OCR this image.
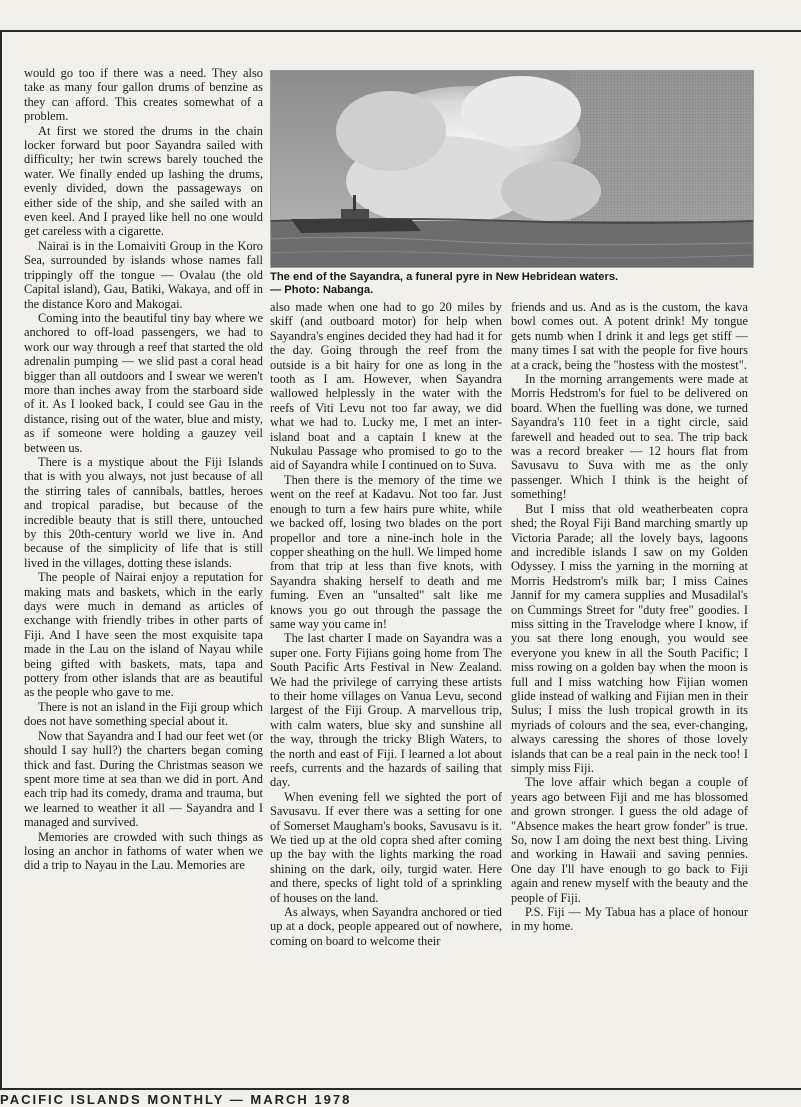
would go too if there was a need. They also take as many four gallon drums of benzine as they can afford. This creates somewhat of a problem.

At first we stored the drums in the chain locker forward but poor Sayandra sailed with difficulty; her twin screws barely touched the water. We finally ended up lashing the drums, evenly divided, down the passageways on either side of the ship, and she sailed with an even keel. And I prayed like hell no one would get careless with a cigarette.

Nairai is in the Lomaiviti Group in the Koro Sea, surrounded by islands whose names fall trippingly off the tongue — Ovalau (the old Capital island), Gau, Batiki, Wakaya, and off in the distance Koro and Makogai.

Coming into the beautiful tiny bay where we anchored to off-load passengers, we had to work our way through a reef that started the old adrenalin pumping — we slid past a coral head bigger than all outdoors and I swear we weren't more than inches away from the starboard side of it. As I looked back, I could see Gau in the distance, rising out of the water, blue and misty, as if someone were holding a gauzey veil between us.

There is a mystique about the Fiji Islands that is with you always, not just because of all the stirring tales of cannibals, battles, heroes and tropical paradise, but because of the incredible beauty that is still there, untouched by this 20th-century world we live in. And because of the simplicity of life that is still lived in the villages, dotting these islands.

The people of Nairai enjoy a reputation for making mats and baskets, which in the early days were much in demand as articles of exchange with friendly tribes in other parts of Fiji. And I have seen the most exquisite tapa made in the Lau on the island of Nayau while being gifted with baskets, mats, tapa and pottery from other islands that are as beautiful as the people who gave to me.

There is not an island in the Fiji group which does not have something special about it.

Now that Sayandra and I had our feet wet (or should I say hull?) the charters began coming thick and fast. During the Christmas season we spent more time at sea than we did in port. And each trip had its comedy, drama and trauma, but we learned to weather it all — Sayandra and I managed and survived.

Memories are crowded with such things as losing an anchor in fathoms of water when we did a trip to Nayau in the Lau. Memories are

The end of the Sayandra, a funeral pyre in New Hebridean waters.
— Photo: Nabanga.

also made when one had to go 20 miles by skiff (and outboard motor) for help when Sayandra's engines decided they had had it for the day. Going through the reef from the outside is a bit hairy for one as long in the tooth as I am. However, when Sayandra wallowed helplessly in the water with the reefs of Viti Levu not too far away, we did what we had to. Lucky me, I met an inter-island boat and a captain I knew at the Nukulau Passage who promised to go to the aid of Sayandra while I continued on to Suva.

Then there is the memory of the time we went on the reef at Kadavu. Not too far. Just enough to turn a few hairs pure white, while we backed off, losing two blades on the port propellor and tore a nine-inch hole in the copper sheathing on the hull. We limped home from that trip at less than five knots, with Sayandra shaking herself to death and me fuming. Even an "unsalted" salt like me knows you go out through the passage the same way you came in!

The last charter I made on Sayandra was a super one. Forty Fijians going home from The South Pacific Arts Festival in New Zealand. We had the privilege of carrying these artists to their home villages on Vanua Levu, second largest of the Fiji Group. A marvellous trip, with calm waters, blue sky and sunshine all the way, through the tricky Bligh Waters, to the north and east of Fiji. I learned a lot about reefs, currents and the hazards of sailing that day.

When evening fell we sighted the port of Savusavu. If ever there was a setting for one of Somerset Maugham's books, Savusavu is it. We tied up at the old copra shed after coming up the bay with the lights marking the road shining on the dark, oily, turgid water. Here and there, specks of light told of a sprinkling of houses on the land.

As always, when Sayandra anchored or tied up at a dock, people appeared out of nowhere, coming on board to welcome their

friends and us. And as is the custom, the kava bowl comes out. A potent drink! My tongue gets numb when I drink it and legs get stiff — many times I sat with the people for five hours at a crack, being the "hostess with the mostest".

In the morning arrangements were made at Morris Hedstrom's for fuel to be delivered on board. When the fuelling was done, we turned Sayandra's 110 feet in a tight circle, said farewell and headed out to sea. The trip back was a record breaker — 12 hours flat from Savusavu to Suva with me as the only passenger. Which I think is the height of something!

But I miss that old weatherbeaten copra shed; the Royal Fiji Band marching smartly up Victoria Parade; all the lovely bays, lagoons and incredible islands I saw on my Golden Odyssey. I miss the yarning in the morning at Morris Hedstrom's milk bar; I miss Caines Jannif for my camera supplies and Musadilal's on Cummings Street for "duty free" goodies. I miss sitting in the Travelodge where I know, if you sat there long enough, you would see everyone you knew in all the South Pacific; I miss rowing on a golden bay when the moon is full and I miss watching how Fijian women glide instead of walking and Fijian men in their Sulus; I miss the lush tropical growth in its myriads of colours and the sea, ever-changing, always caressing the shores of those lovely islands that can be a real pain in the neck too! I simply miss Fiji.

The love affair which began a couple of years ago between Fiji and me has blossomed and grown stronger. I guess the old adage of "Absence makes the heart grow fonder" is true. So, now I am doing the next best thing. Living and working in Hawaii and saving pennies. One day I'll have enough to go back to Fiji again and renew myself with the beauty and the people of Fiji.

P.S. Fiji — My Tabua has a place of honour in my home.

PACIFIC ISLANDS MONTHLY — MARCH 1978
